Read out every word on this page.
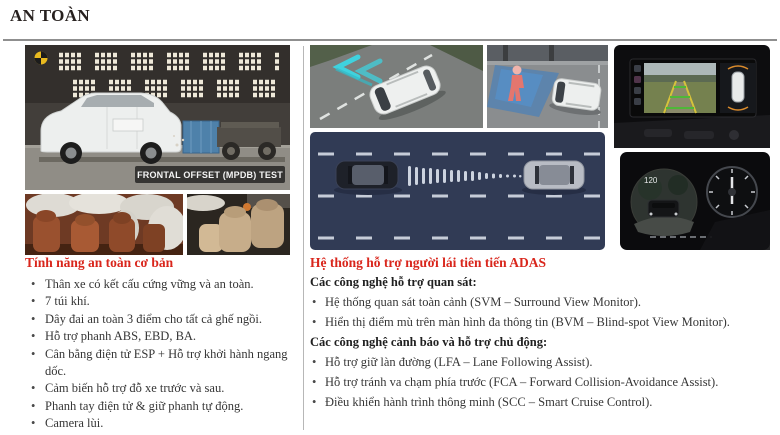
AN TOÀN
FRONTAL OFFSET (MPDB) TEST
Tính năng an toàn cơ bản
• Thân xe có kết cấu cứng vững và an toàn.
• 7 túi khí.
• Dây đai an toàn 3 điểm cho tất cả ghế ngồi.
• Hỗ trợ phanh ABS, EBD, BA.
• Cân bằng điện tử ESP + Hỗ trợ khởi hành ngang dốc.
• Cảm biến hỗ trợ đỗ xe trước và sau.
• Phanh tay điện tử & giữ phanh tự động.
• Camera lùi.
120
Hệ thống hỗ trợ người lái tiên tiến ADAS
Các công nghệ hỗ trợ quan sát:
• Hệ thống quan sát toàn cảnh (SVM – Surround View Monitor).
• Hiển thị điểm mù trên màn hình đa thông tin (BVM – Blind-spot View Monitor).
Các công nghệ cảnh báo và hỗ trợ chủ động:
• Hỗ trợ giữ làn đường (LFA – Lane Following Assist).
• Hỗ trợ tránh va chạm phía trước (FCA – Forward Collision-Avoidance Assist).
• Điều khiển hành trình thông minh (SCC – Smart Cruise Control).
